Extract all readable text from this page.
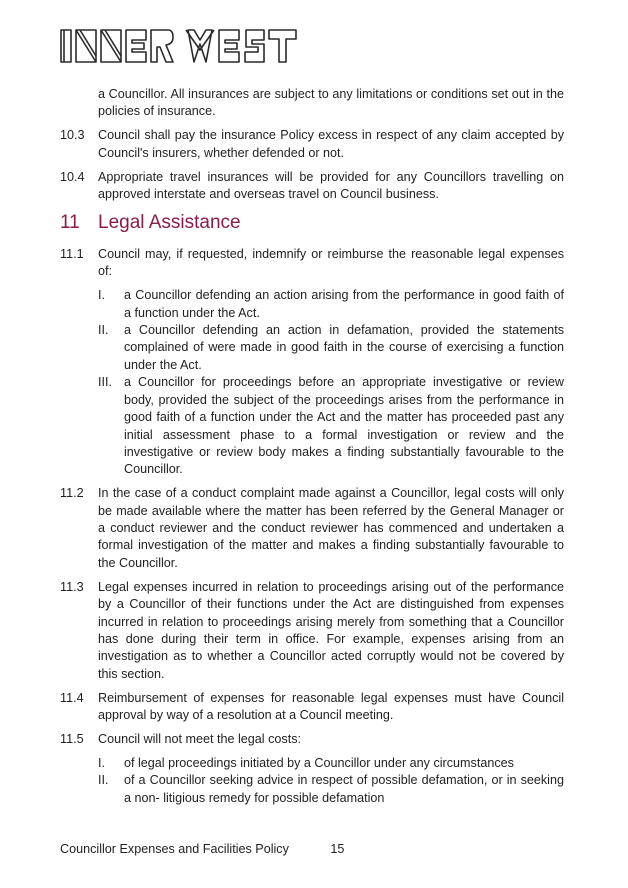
a Councillor. All insurances are subject to any limitations or conditions set out in the policies of insurance.
10.3	Council shall pay the insurance Policy excess in respect of any claim accepted by Council's insurers, whether defended or not.
10.4	Appropriate travel insurances will be provided for any Councillors travelling on approved interstate and overseas travel on Council business.
11 Legal Assistance
11.1	Council may, if requested, indemnify or reimburse the reasonable legal expenses of:
I.	a Councillor defending an action arising from the performance in good faith of a function under the Act.
II.	a Councillor defending an action in defamation, provided the statements complained of were made in good faith in the course of exercising a function under the Act.
III. a Councillor for proceedings before an appropriate investigative or review body, provided the subject of the proceedings arises from the performance in good faith of a function under the Act and the matter has proceeded past any initial assessment phase to a formal investigation or review and the investigative or review body makes a finding substantially favourable to the Councillor.
11.2	In the case of a conduct complaint made against a Councillor, legal costs will only be made available where the matter has been referred by the General Manager or a conduct reviewer and the conduct reviewer has commenced and undertaken a formal investigation of the matter and makes a finding substantially favourable to the Councillor.
11.3	Legal expenses incurred in relation to proceedings arising out of the performance by a Councillor of their functions under the Act are distinguished from expenses incurred in relation to proceedings arising merely from something that a Councillor has done during their term in office. For example, expenses arising from an investigation as to whether a Councillor acted corruptly would not be covered by this section.
11.4	Reimbursement of expenses for reasonable legal expenses must have Council approval by way of a resolution at a Council meeting.
11.5	Council will not meet the legal costs:
I.	of legal proceedings initiated by a Councillor under any circumstances
II.	of a Councillor seeking advice in respect of possible defamation, or in seeking a non- litigious remedy for possible defamation
Councillor Expenses and Facilities Policy	15
